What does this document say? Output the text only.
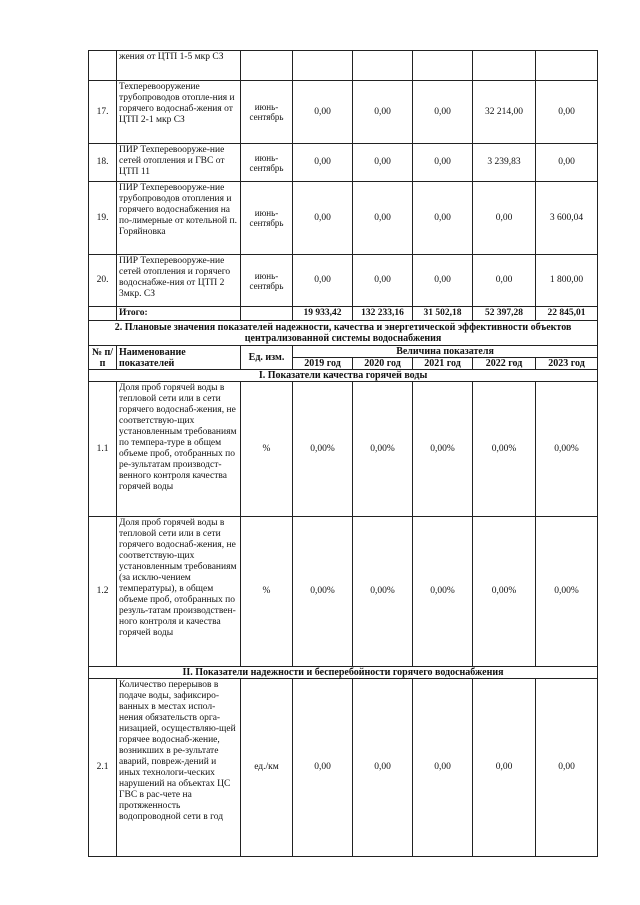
	жения от ЦТП 1-5 мкр СЗ						
17.	Техперевооружение трубопроводов отопле-ния и горячего водоснаб-жения от ЦТП 2-1 мкр СЗ	июнь-сентябрь	0,00	0,00	0,00	32 214,00	0,00
18.	ПИР Техперевооруже-ние сетей отопления и ГВС от ЦТП 11	июнь-сентябрь	0,00	0,00	0,00	3 239,83	0,00
19.	ПИР Техперевооруже-ние трубопроводов отопления и горячего водоснабжения на по-лимерные от котельной п. Горяйновка	июнь-сентябрь	0,00	0,00	0,00	0,00	3 600,04
20.	ПИР Техперевооруже-ние сетей отопления и горячего водоснабже-ния от ЦТП 2 3мкр. СЗ	июнь-сентябрь	0,00	0,00	0,00	0,00	1 800,00
	Итого:		19 933,42	132 233,16	31 502,18	52 397,28	22 845,01
2. Плановые значения показателей надежности, качества и энергетической эффективности объектов централизованной системы водоснабжения							
№ п/п	Наименование показателей	Ед. изм.	Величина показателя				
			2019 год	2020 год	2021 год	2022 год	2023 год
I. Показатели качества горячей воды							
1.1	Доля проб горячей воды в тепловой сети или в сети горячего водоснаб-жения, не соответствую-щих установленным требованиям по темпера-туре в общем объеме проб, отобранных по ре-зультатам производст-венного контроля качества горячей воды	%	0,00%	0,00%	0,00%	0,00%	0,00%
1.2	Доля проб горячей воды в тепловой сети или в сети горячего водоснаб-жения, не соответствую-щих установленным требованиям (за исклю-чением температуры), в общем объеме проб, отобранных по резуль-татам производствен-ного контроля и качества горячей воды	%	0,00%	0,00%	0,00%	0,00%	0,00%
II. Показатели надежности и бесперебойности горячего водоснабжения							
2.1	Количество перерывов в подаче воды, зафиксиро-ванных в местах испол-нения обязательств орга-низацией, осуществляю-щей горячее водоснаб-жение, возникших в ре-зультате аварий, повреж-дений и иных технологи-ческих нарушений на объектах ЦС ГВС в рас-чете на протяженность водопроводной сети в год	ед./км	0,00	0,00	0,00	0,00	0,00
